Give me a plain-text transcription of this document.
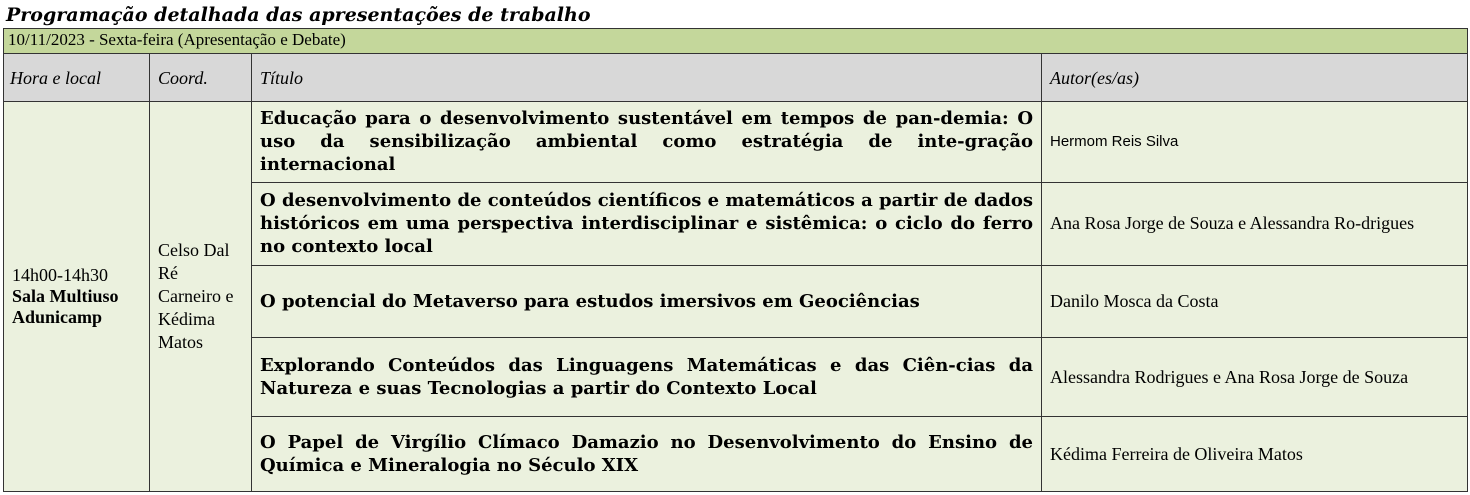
Programação detalhada das apresentações de trabalho
10/11/2023 - Sexta-feira (Apresentação e Debate)			
Hora e local	Coord.	Título	Autor(es/as)
14h00-14h30
Sala Multiuso Adunicamp	Celso Dal Ré Carneiro e Kédima Matos	Educação para o desenvolvimento sustentável em tempos de pan-demia: O uso da sensibilização ambiental como estratégia de inte-gração internacional	Hermom Reis Silva
		O desenvolvimento de conteúdos científicos e matemáticos a partir de dados históricos em uma perspectiva interdisciplinar e sistêmica: o ciclo do ferro no contexto local	Ana Rosa Jorge de Souza e Alessandra Ro-drigues
		O potencial do Metaverso para estudos imersivos em Geociências	Danilo Mosca da Costa
		Explorando Conteúdos das Linguagens Matemáticas e das Ciên-cias da Natureza e suas Tecnologias a partir do Contexto Local	Alessandra Rodrigues e Ana Rosa Jorge de Souza
		O Papel de Virgílio Clímaco Damazio no Desenvolvimento do Ensino de Química e Mineralogia no Século XIX	Kédima Ferreira de Oliveira Matos
